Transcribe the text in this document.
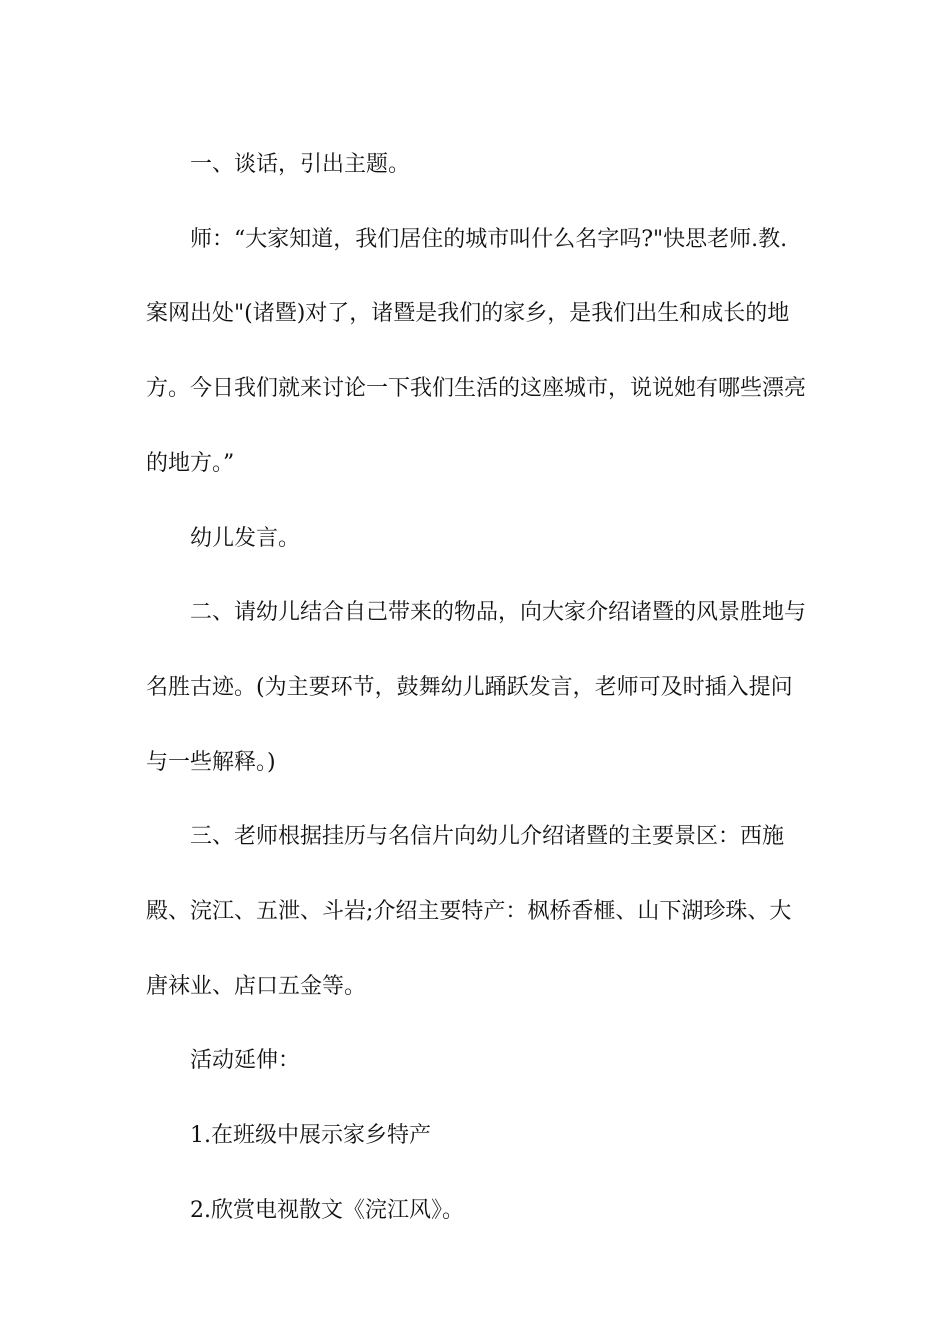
一、谈话，引出主题。

师：“大家知道，我们居住的城市叫什么名字吗?"快思老师.教.案网出处"(诸暨)对了，诸暨是我们的家乡，是我们出生和成长的地方。今日我们就来讨论一下我们生活的这座城市，说说她有哪些漂亮的地方。”

幼儿发言。

二、请幼儿结合自己带来的物品，向大家介绍诸暨的风景胜地与名胜古迹。(为主要环节，鼓舞幼儿踊跃发言，老师可及时插入提问与一些解释。)

三、老师根据挂历与名信片向幼儿介绍诸暨的主要景区：西施殿、浣江、五泄、斗岩;介绍主要特产：枫桥香榧、山下湖珍珠、大唐袜业、店口五金等。

活动延伸：

1.在班级中展示家乡特产

2.欣赏电视散文《浣江风》。
